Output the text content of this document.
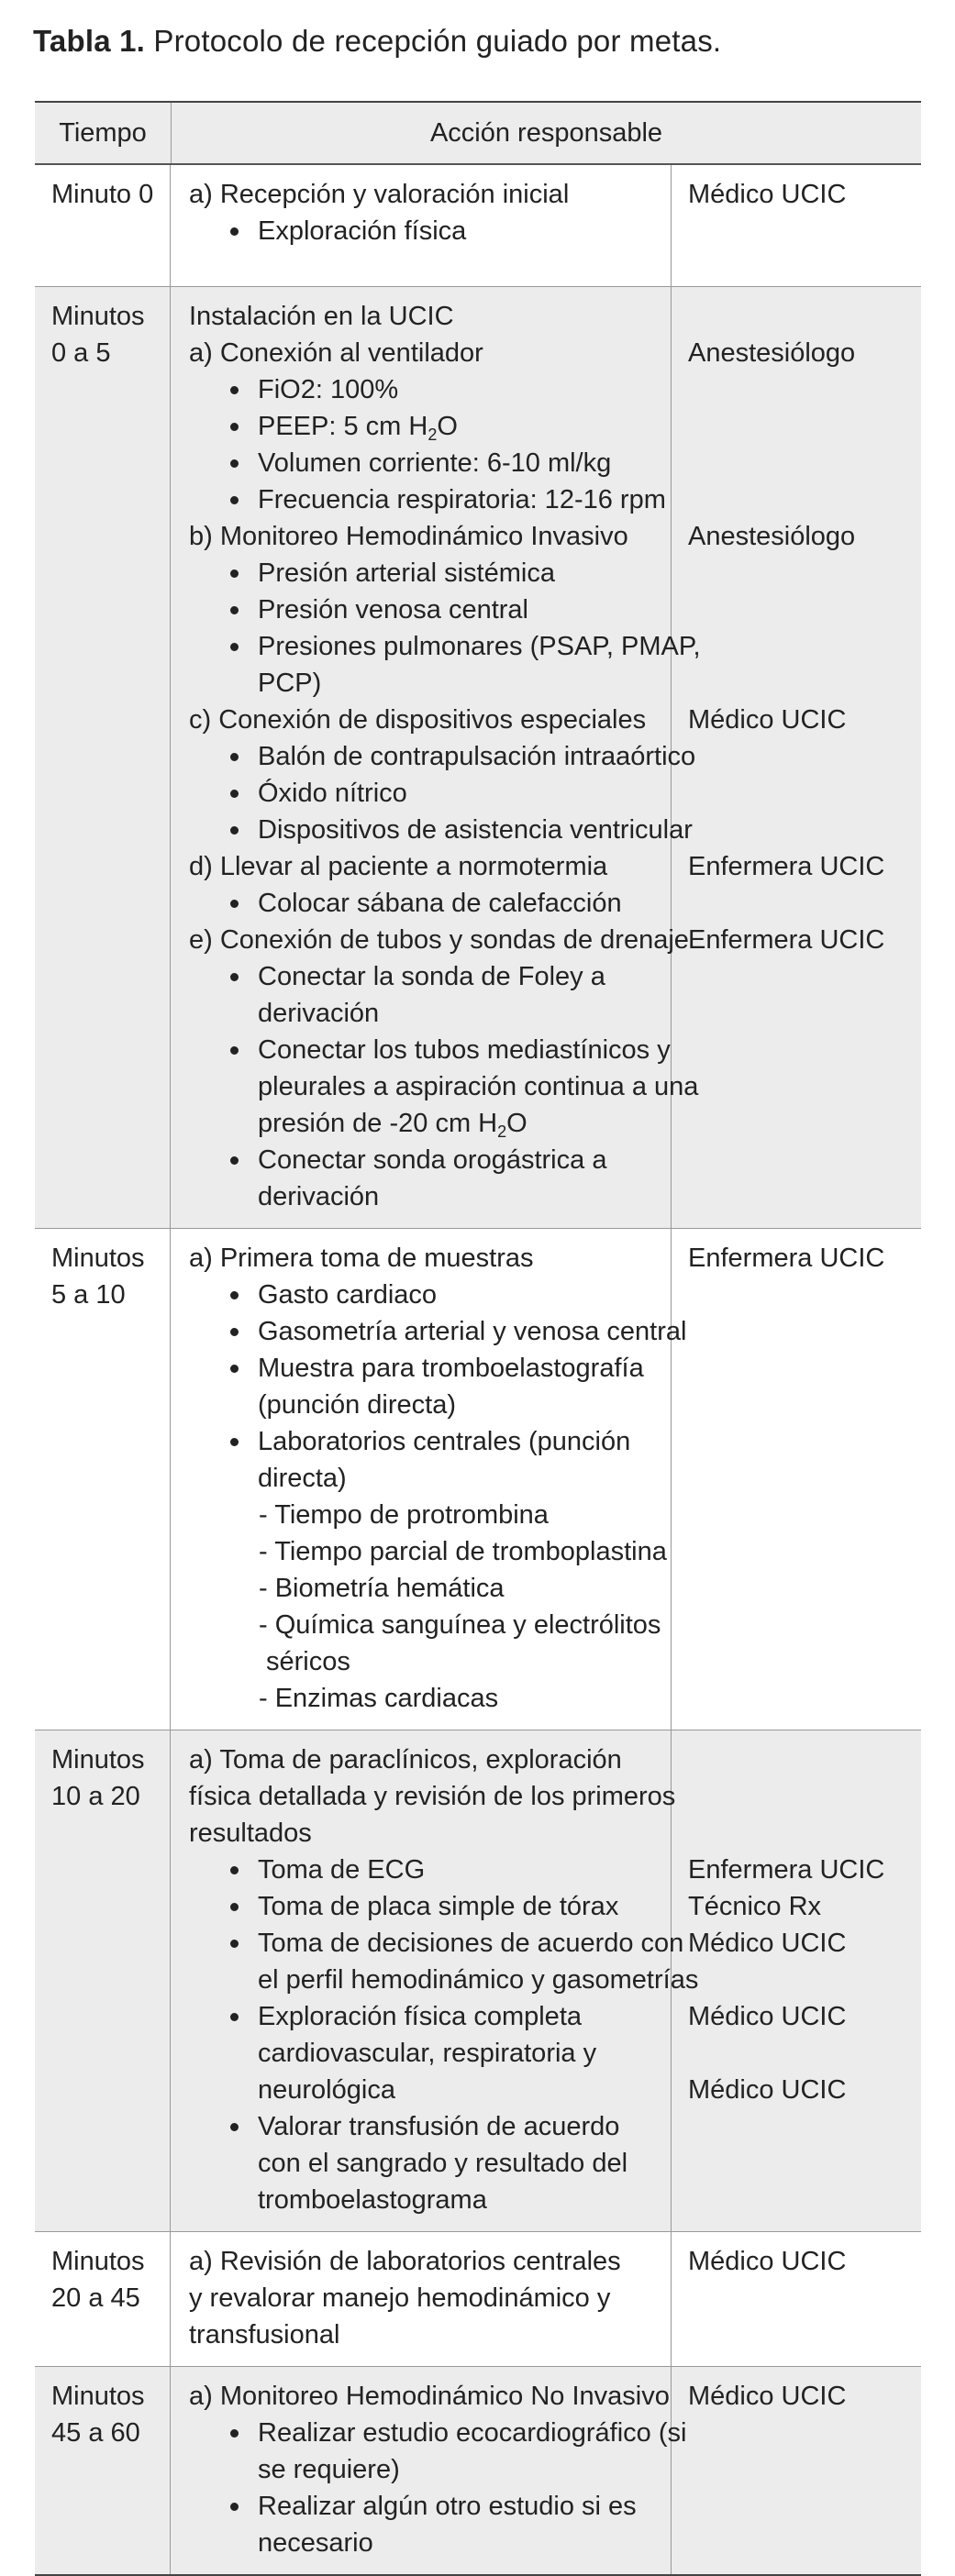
Tabla 1. Protocolo de recepción guiado por metas.
Tiempo	Acción responsable
Minuto 0	a) Recepción y valoración inicial
Exploración física
Médico UCIC
Minutos
0 a 5
Instalación en la UCIC
a) Conexión al ventilador
FiO2: 100%
PEEP: 5 cm $H_2O$
Volumen corriente: 6-10 ml/kg
Frecuencia respiratoria: 12-16 rpm
b) Monitoreo Hemodinámico Invasivo
Presión arterial sistémica
Presión venosa central
Presiones pulmonares (PSAP, PMAP,
PCP)
c) Conexión de dispositivos especiales
Balón de contrapulsación intraaórtico
Óxido nítrico
Dispositivos de asistencia ventricular
d) Llevar al paciente a normotermia
Colocar sábana de calefacción
e) Conexión de tubos y sondas de drenaje
Conectar la sonda de Foley a
derivación
Conectar los tubos mediastínicos y
pleurales a aspiración continua a una
presión de -20 cm $H_2O$
Conectar sonda orogástrica a
derivación
Anestesiólogo
Anestesiólogo
Médico UCIC
Enfermera UCIC
Enfermera UCIC
Minutos
5 a 10
a) Primera toma de muestras
Gasto cardiaco
Gasometría arterial y venosa central
Muestra para tromboelastografía
(punción directa)
Laboratorios centrales (punción
directa)
- Tiempo de protrombina
- Tiempo parcial de tromboplastina
- Biometría hemática
- Química sanguínea y electrólitos
séricos
- Enzimas cardiacas
Enfermera UCIC
Minutos
10 a 20
a) Toma de paraclínicos, exploración
física detallada y revisión de los primeros
resultados
Toma de ECG
Toma de placa simple de tórax
Toma de decisiones de acuerdo con
el perfil hemodinámico y gasometrías
Exploración física completa
cardiovascular, respiratoria y
neurológica
Valorar transfusión de acuerdo
con el sangrado y resultado del
tromboelastograma
Enfermera UCIC
Técnico Rx
Médico UCIC
Médico UCIC
Médico UCIC
Minutos
20 a 45
a) Revisión de laboratorios centrales
y revalorar manejo hemodinámico y
transfusional
Médico UCIC
Minutos
45 a 60
a) Monitoreo Hemodinámico No Invasivo
Realizar estudio ecocardiográfico (si
se requiere)
Realizar algún otro estudio si es
necesario
Médico UCIC
